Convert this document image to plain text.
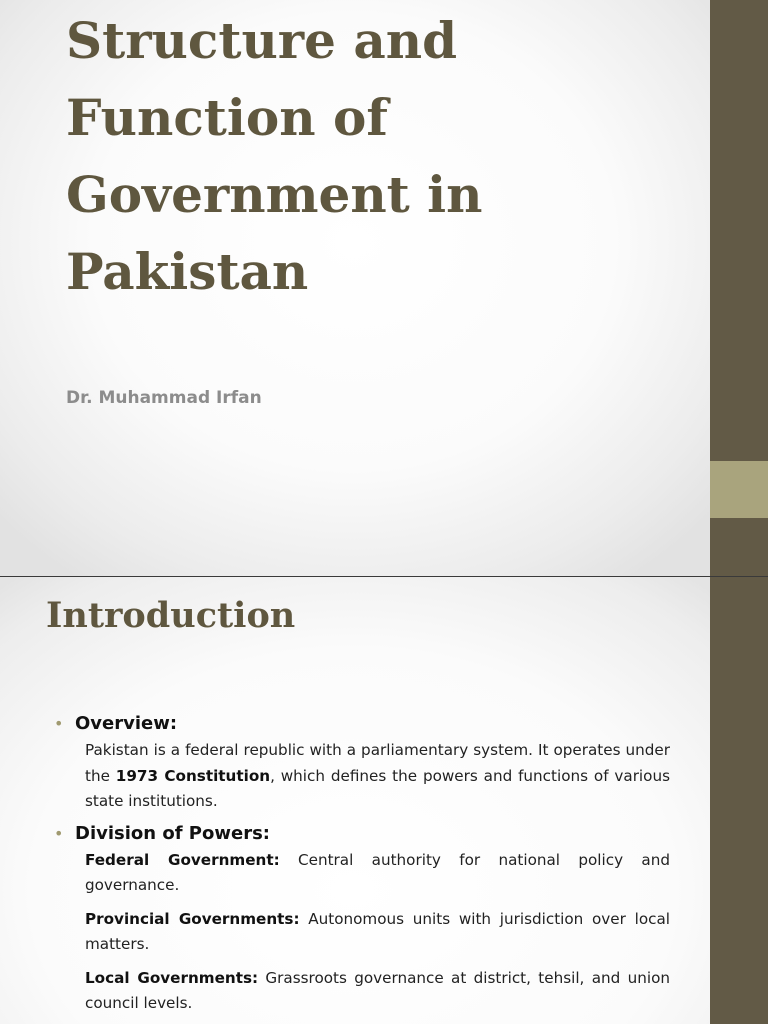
Structure and
Function of
Government in
Pakistan

Dr. Muhammad Irfan

Introduction
• Overview:

Pakistan is a federal republic with a parliamentary system. It operates under the 1973 Constitution, which defines the powers and functions of various state institutions.

• Division of Powers:

Federal Government: Central authority for national policy and governance.

Provincial Governments: Autonomous units with jurisdiction over local matters.

Local Governments: Grassroots governance at district, tehsil, and union council levels.
